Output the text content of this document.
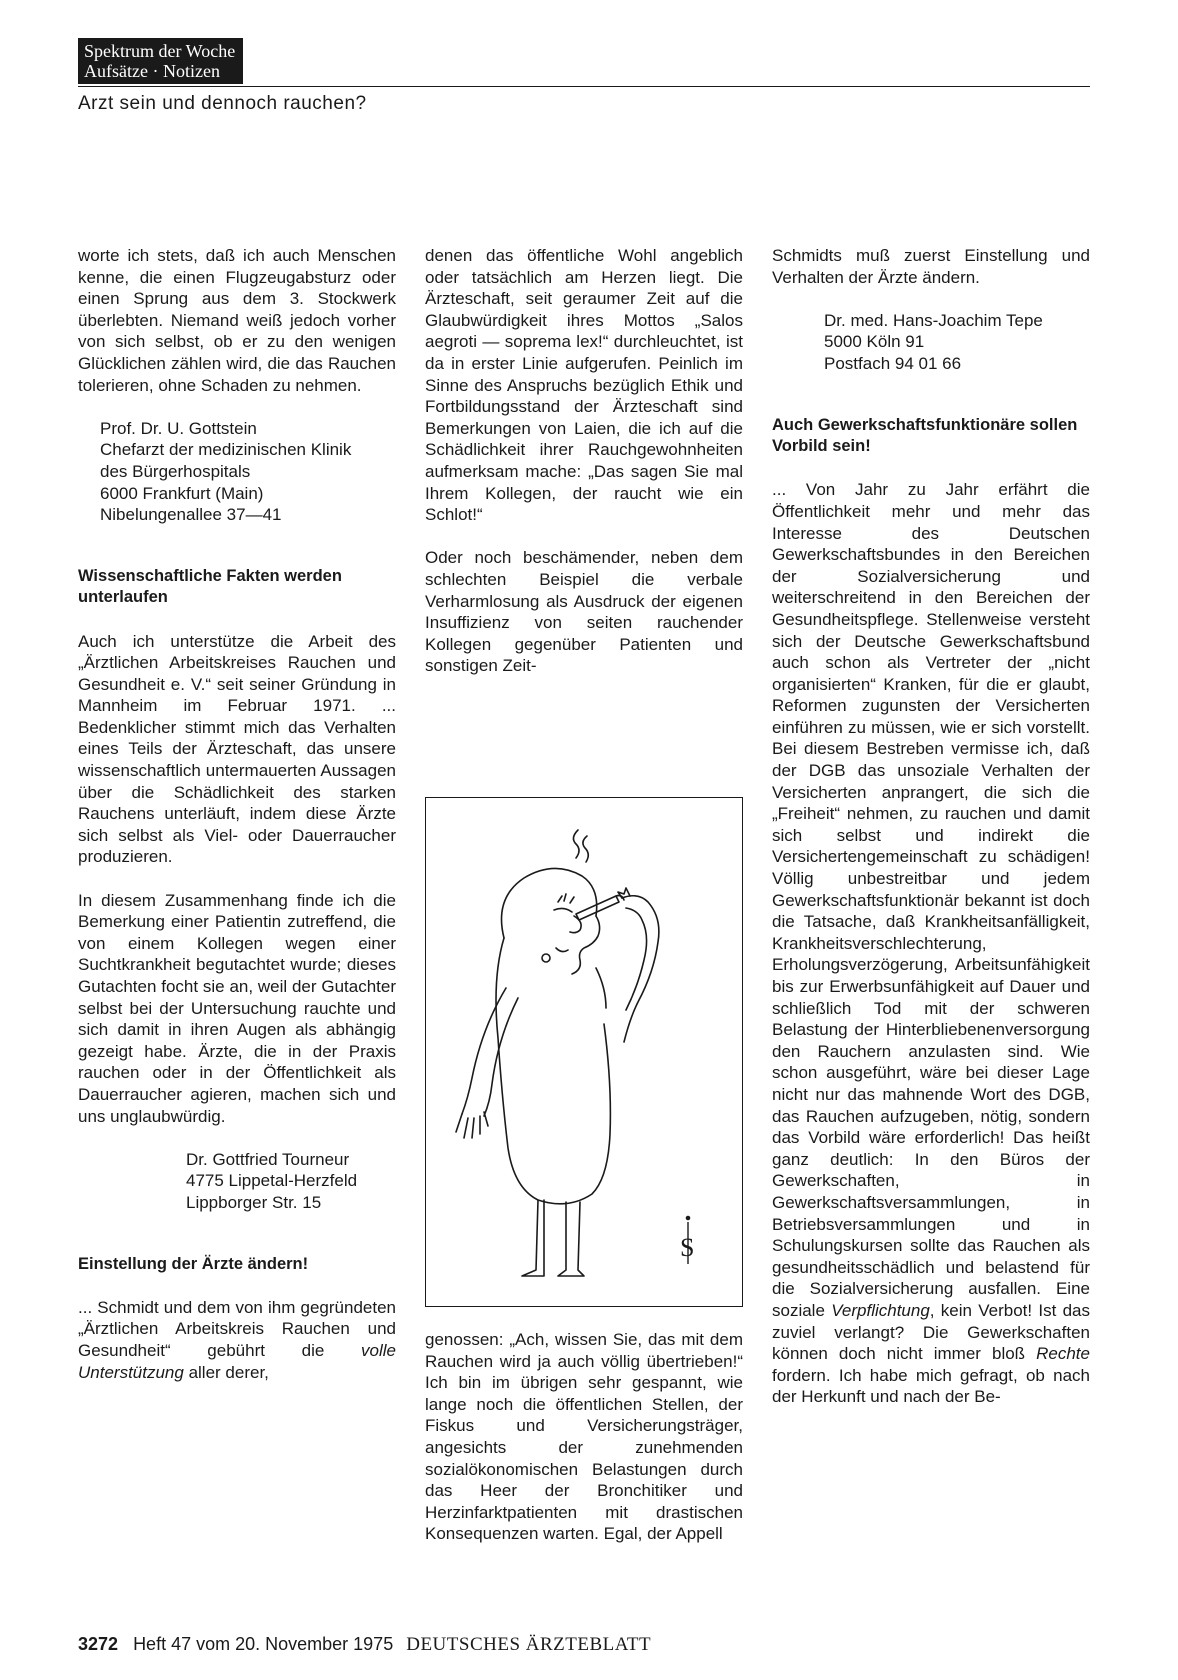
Spektrum der Woche
Aufsätze · Notizen
Arzt sein und dennoch rauchen?

worte ich stets, daß ich auch Menschen kenne, die einen Flugzeugabsturz oder einen Sprung aus dem 3. Stockwerk überlebten. Niemand weiß jedoch vorher von sich selbst, ob er zu den wenigen Glücklichen zählen wird, die das Rauchen tolerieren, ohne Schaden zu nehmen.

Prof. Dr. U. Gottstein
Chefarzt der medizinischen Klinik
des Bürgerhospitals
6000 Frankfurt (Main)
Nibelungenallee 37—41
Wissenschaftliche Fakten werden unterlaufen

Auch ich unterstütze die Arbeit des „Ärztlichen Arbeitskreises Rauchen und Gesundheit e. V.“ seit seiner Gründung in Mannheim im Februar 1971. ... Bedenklicher stimmt mich das Verhalten eines Teils der Ärzteschaft, das unsere wissenschaftlich untermauerten Aussagen über die Schädlichkeit des starken Rauchens unterläuft, indem diese Ärzte sich selbst als Viel- oder Dauerraucher produzieren.

In diesem Zusammenhang finde ich die Bemerkung einer Patientin zutreffend, die von einem Kollegen wegen einer Suchtkrankheit begutachtet wurde; dieses Gutachten focht sie an, weil der Gutachter selbst bei der Untersuchung rauchte und sich damit in ihren Augen als abhängig gezeigt habe. Ärzte, die in der Praxis rauchen oder in der Öffentlichkeit als Dauerraucher agieren, machen sich und uns unglaubwürdig.

Dr. Gottfried Tourneur
4775 Lippetal-Herzfeld
Lippborger Str. 15
Einstellung der Ärzte ändern!

... Schmidt und dem von ihm gegründeten „Ärztlichen Arbeitskreis Rauchen und Gesundheit“ gebührt die volle Unterstützung aller derer,

denen das öffentliche Wohl angeblich oder tatsächlich am Herzen liegt. Die Ärzteschaft, seit geraumer Zeit auf die Glaubwürdigkeit ihres Mottos „Salos aegroti — soprema lex!“ durchleuchtet, ist da in erster Linie aufgerufen. Peinlich im Sinne des Anspruchs bezüglich Ethik und Fortbildungsstand der Ärzteschaft sind Bemerkungen von Laien, die ich auf die Schädlichkeit ihrer Rauchgewohnheiten aufmerksam mache: „Das sagen Sie mal Ihrem Kollegen, der raucht wie ein Schlot!“

Oder noch beschämender, neben dem schlechten Beispiel die verbale Verharmlosung als Ausdruck der eigenen Insuffizienz von seiten rauchender Kollegen gegenüber Patienten und sonstigen Zeit-

S

genossen: „Ach, wissen Sie, das mit dem Rauchen wird ja auch völlig übertrieben!“ Ich bin im übrigen sehr gespannt, wie lange noch die öffentlichen Stellen, der Fiskus und Versicherungsträger, angesichts der zunehmenden sozialökonomischen Belastungen durch das Heer der Bronchitiker und Herzinfarktpatienten mit drastischen Konsequenzen warten. Egal, der Appell

Schmidts muß zuerst Einstellung und Verhalten der Ärzte ändern.

Dr. med. Hans-Joachim Tepe
5000 Köln 91
Postfach 94 01 66
Auch Gewerkschaftsfunktionäre sollen Vorbild sein!

... Von Jahr zu Jahr erfährt die Öffentlichkeit mehr und mehr das Interesse des Deutschen Gewerkschaftsbundes in den Bereichen der Sozialversicherung und weiterschreitend in den Bereichen der Gesundheitspflege. Stellenweise versteht sich der Deutsche Gewerkschaftsbund auch schon als Vertreter der „nicht organisierten“ Kranken, für die er glaubt, Reformen zugunsten der Versicherten einführen zu müssen, wie er sich vorstellt. Bei diesem Bestreben vermisse ich, daß der DGB das unsoziale Verhalten der Versicherten anprangert, die sich die „Freiheit“ nehmen, zu rauchen und damit sich selbst und indirekt die Versichertengemeinschaft zu schädigen! Völlig unbestreitbar und jedem Gewerkschaftsfunktionär bekannt ist doch die Tatsache, daß Krankheitsanfälligkeit, Krankheitsverschlechterung, Erholungsverzögerung, Arbeitsunfähigkeit bis zur Erwerbsunfähigkeit auf Dauer und schließlich Tod mit der schweren Belastung der Hinterbliebenenversorgung den Rauchern anzulasten sind. Wie schon ausgeführt, wäre bei dieser Lage nicht nur das mahnende Wort des DGB, das Rauchen aufzugeben, nötig, sondern das Vorbild wäre erforderlich! Das heißt ganz deutlich: In den Büros der Gewerkschaften, in Gewerkschaftsversammlungen, in Betriebsversammlungen und in Schulungskursen sollte das Rauchen als gesundheitsschädlich und belastend für die Sozialversicherung ausfallen. Eine soziale Verpflichtung, kein Verbot! Ist das zuviel verlangt? Die Gewerkschaften können doch nicht immer bloß Rechte fordern. Ich habe mich gefragt, ob nach der Herkunft und nach der Be-

3272 Heft 47 vom 20. November 1975 DEUTSCHES ÄRZTEBLATT
